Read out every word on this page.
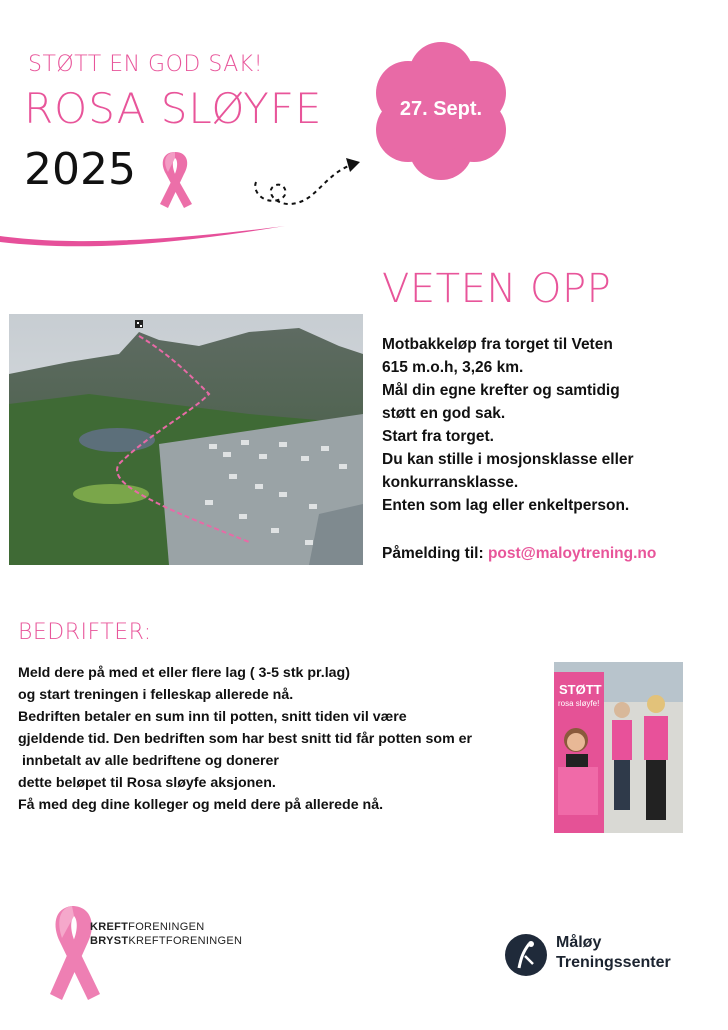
STØTT EN GOD SAK!
ROSA SLØYFE
2025
27. Sept.
VETEN OPP
Motbakkeløp fra torget til Veten
615 m.o.h, 3,26 km.
Mål din egne krefter og samtidig
støtt en god sak.
Start fra torget.
Du kan stille i mosjonsklasse eller
konkurransklasse.
Enten som lag eller enkeltperson.
Påmelding til: post@maloytrening.no
BEDRIFTER:
Meld dere på med et eller flere lag ( 3-5 stk pr.lag)
og start treningen i felleskap allerede nå.
Bedriften betaler en sum inn til potten, snitt tiden vil være
gjeldende tid. Den bedriften som har best snitt tid får potten som er
innbetalt av alle bedriftene og donerer
dette beløpet til Rosa sløyfe aksjonen.
Få med deg dine kolleger og meld dere på allerede nå.
STØTT
rosa sløyfe!
KREFTFORENINGEN
BRYSTKREFTFORENINGEN	Måløy
Treningssenter
